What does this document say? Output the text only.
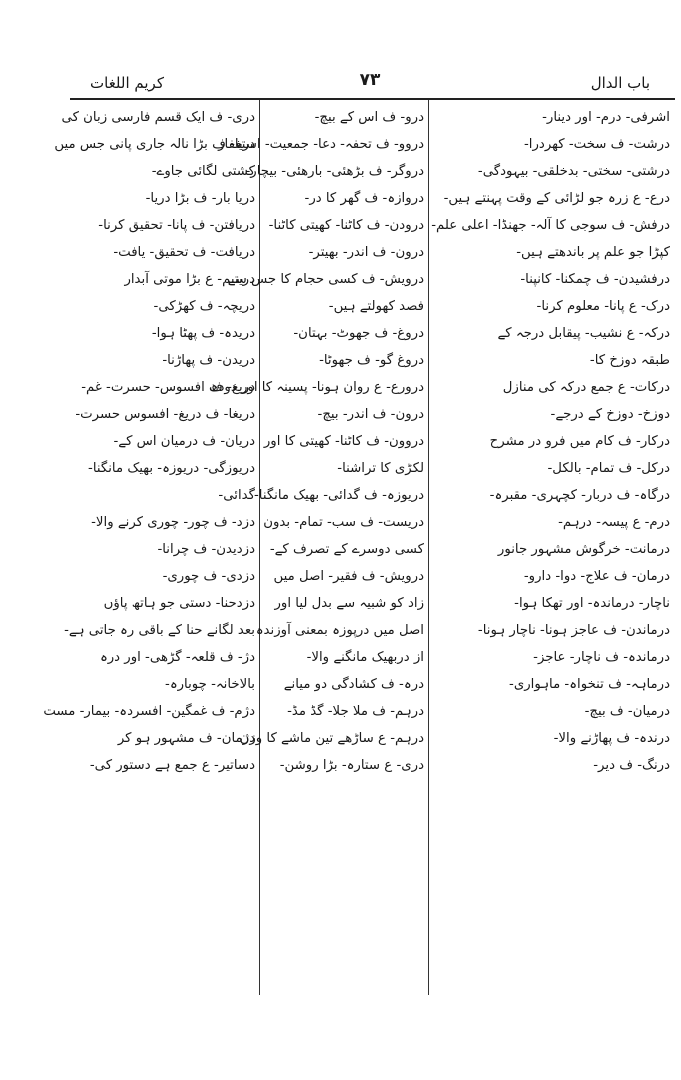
باب الدال
۷۳
کریم اللغات
اشرفی- درم- اور دینار-
درشت- ف سخت- کھردرا-
درشتی- سختی- بدخلقی- بیہودگی-
درع- ع زرہ جو لڑائی کے وقت پہنتے ہیں-
درفش- ف سوجی کا آلہ- جھنڈا- اعلی علم-
کپڑا جو علم پر باندھتے ہیں-
درفشیدن- ف چمکنا- کانپنا-
درک- ع پانا- معلوم کرنا-
درکہ- ع نشیب- پیقابل درجہ کے
طبقہ دوزخ کا-
درکات- ع جمع درکہ کی منازل
دوزخ- دوزخ کے درجے-
درکار- ف کام میں فرو در مشرح
درکل- ف تمام- بالکل-
درگاہ- ف دربار- کچہری- مقبرہ-
درم- ع پیسہ- درہم-
درمانت- خرگوش مشہور جانور
درمان- ف علاج- دوا- دارو-
ناچار- درماندہ- اور تھکا ہوا-
درماندن- ف عاجز ہونا- ناچار ہونا-
درماندہ- ف ناچار- عاجز-
درماہہ- ف تنخواہ- ماہواری-
درمیان- ف بیچ-
درندہ- ف پھاڑنے والا-
درنگ- ف دیر-
درو- ف اس کے بیچ-
دروو- ف تحفہ- دعا- جمعیت- استغفار
دروگر- ف بڑھئی- بارھئی- بیچار-
دروازہ- ف گھر کا در-
درودن- ف کاٹنا- کھیتی کاٹنا-
درون- ف اندر- بھیتر-
درویش- ف کسی حجام کا جس سے
فصد کھولتے ہیں-
دروغ- ف جھوٹ- بہتان-
دروغ گو- ف جھوٹا-
درورع- ع روان ہونا- پسینہ کا اور دودھ
درون- ف اندر- بیچ-
دروون- ف کاٹنا- کھیتی کا اور
لکڑی کا تراشنا-
دریوزہ- ف گدائی- بھیک مانگنا-
دریست- ف سب- تمام- بدون
کسی دوسرے کے تصرف کے-
درویش- ف فقیر- اصل میں
زاد کو شبیہ سے بدل لیا اور
اصل میں درپوزہ بمعنی آوزندہ
از دربھیک مانگنے والا-
درہ- ف کشادگی دو میانے
درہم- ف ملا جلا- گڈ مڈ-
درہم- ع ساڑھے تین ماشے کا وزن
دری- ع ستارہ- بڑا روشن-
دری- ف ایک قسم فارسی زبان کی
دریا- ف بڑا نالہ جاری پانی جس میں
کشتی لگائی جاوے-
دریا بار- ف بڑا دریا-
دریافتن- ف پانا- تحقیق کرنا-
دریافت- ف تحقیق- یافت-
دریتیم- ع بڑا موتی آبدار
دریچہ- ف کھڑکی-
دریدہ- ف پھٹا ہوا-
دریدن- ف پھاڑنا-
دریغ- ف افسوس- حسرت- غم-
دریغا- ف دریغ- افسوس حسرت-
دریان- ف درمیان اس کے-
دریوزگی- دریوزہ- بھیک مانگنا-
گدائی-
دزد- ف چور- چوری کرنے والا-
دزدیدن- ف چرانا-
دزدی- ف چوری-
دزدحنا- دستی جو ہاتھ پاؤں
بعد لگانے حنا کے باقی رہ جاتی ہے-
دژ- ف قلعہ- گڑھی- اور درہ
بالاخانہ- چوبارہ-
دژم- ف غمگین- افسردہ- بیمار- مست
دژمان- ف مشہور ہو کر
دساتیر- ع جمع ہے دستور کی-
